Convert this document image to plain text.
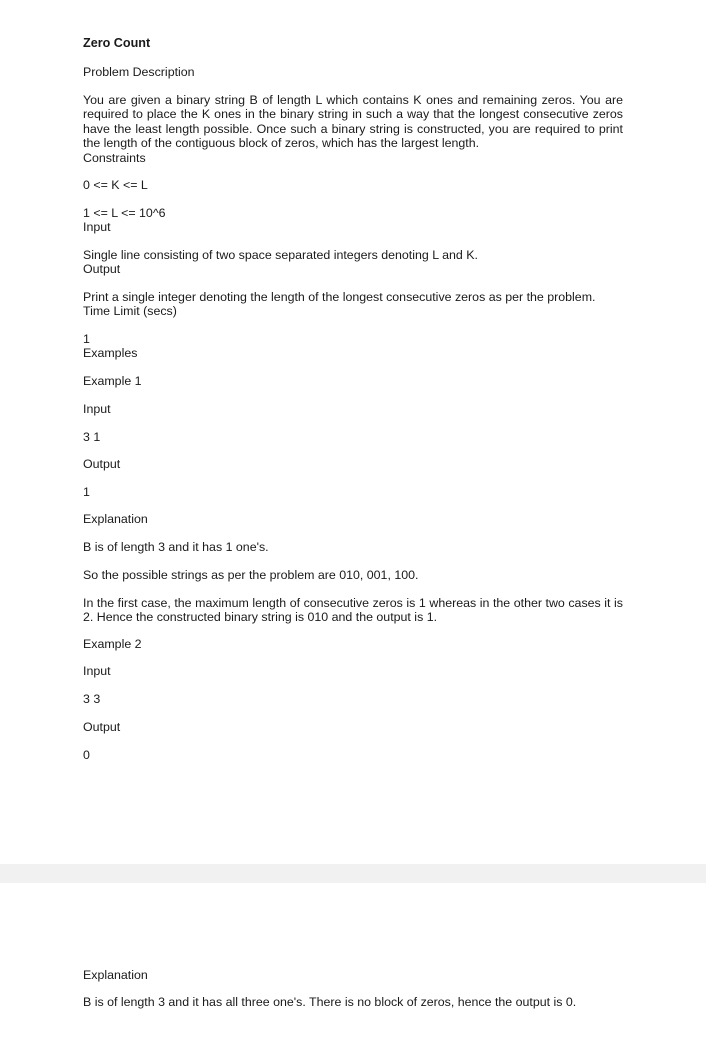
Zero Count

Problem Description

You are given a binary string B of length L which contains K ones and remaining zeros. You are required to place the K ones in the binary string in such a way that the longest consecutive zeros have the least length possible. Once such a binary string is constructed, you are required to print the length of the contiguous block of zeros, which has the largest length.

Constraints

0 <= K <= L

1 <= L <= 10^6

Input

Single line consisting of two space separated integers denoting L and K.

Output

Print a single integer denoting the length of the longest consecutive zeros as per the problem.

Time Limit (secs)

1

Examples

Example 1

Input

3 1

Output

1

Explanation

B is of length 3 and it has 1 one's.

So the possible strings as per the problem are 010, 001, 100.

In the first case, the maximum length of consecutive zeros is 1 whereas in the other two cases it is 2. Hence the constructed binary string is 010 and the output is 1.

Example 2

Input

3 3

Output

0

Explanation

B is of length 3 and it has all three one's. There is no block of zeros, hence the output is 0.
